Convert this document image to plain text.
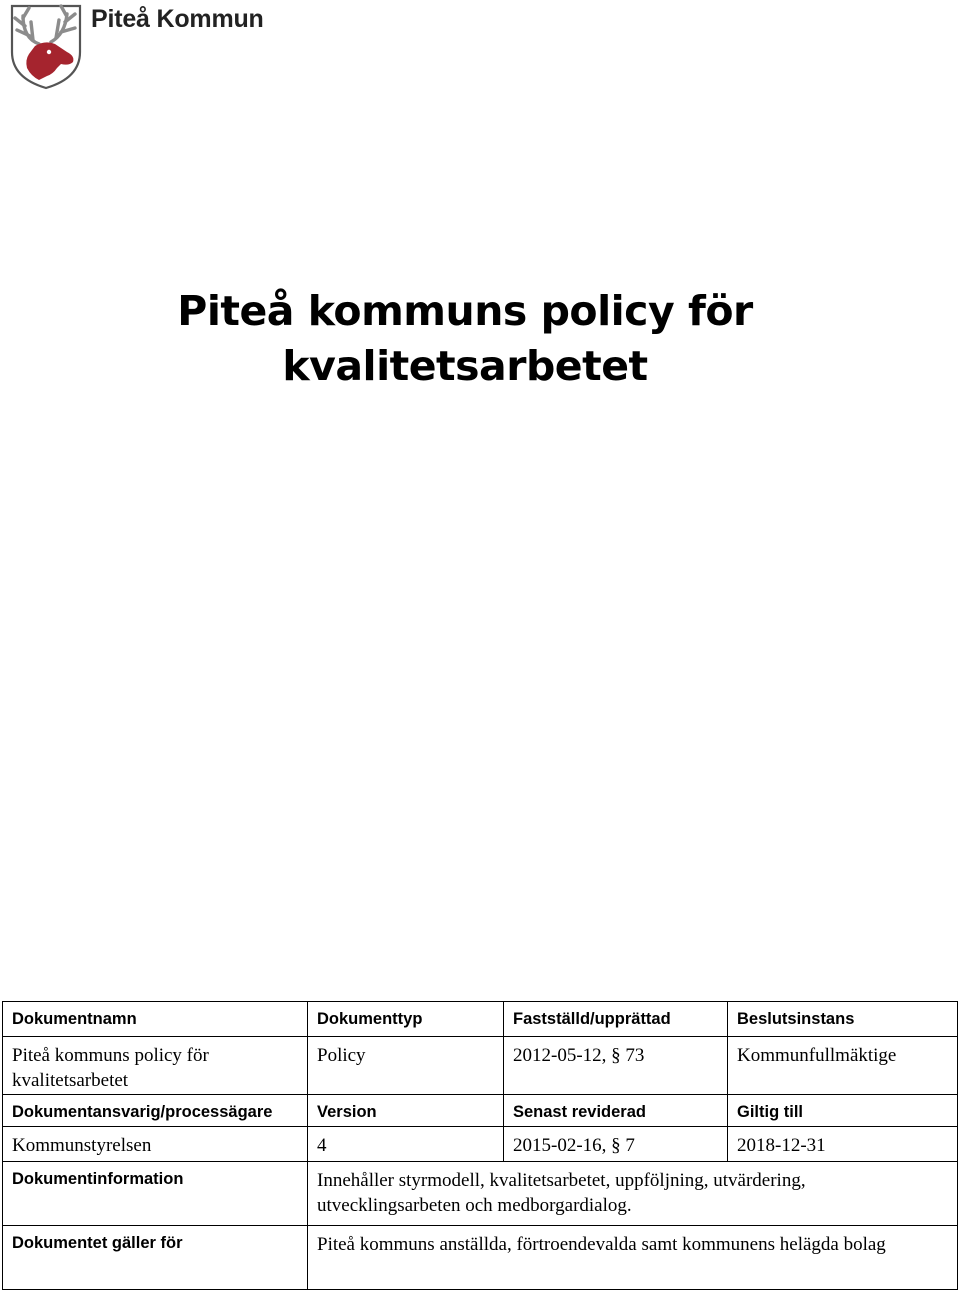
Piteå Kommun
Piteå kommuns policy för
kvalitetsarbetet
Dokumentnamn	Dokumenttyp	Fastställd/upprättad	Beslutsinstans
Piteå kommuns policy för kvalitetsarbetet	Policy	2012-05-12, § 73	Kommunfullmäktige
Dokumentansvarig/processägare	Version	Senast reviderad	Giltig till
Kommunstyrelsen	4	2015-02-16, § 7	2018-12-31
Dokumentinformation	Innehåller styrmodell, kvalitetsarbetet, uppföljning, utvärdering, utvecklingsarbeten och medborgardialog.		
Dokumentet gäller för	Piteå kommuns anställda, förtroendevalda samt kommunens helägda bolag		
